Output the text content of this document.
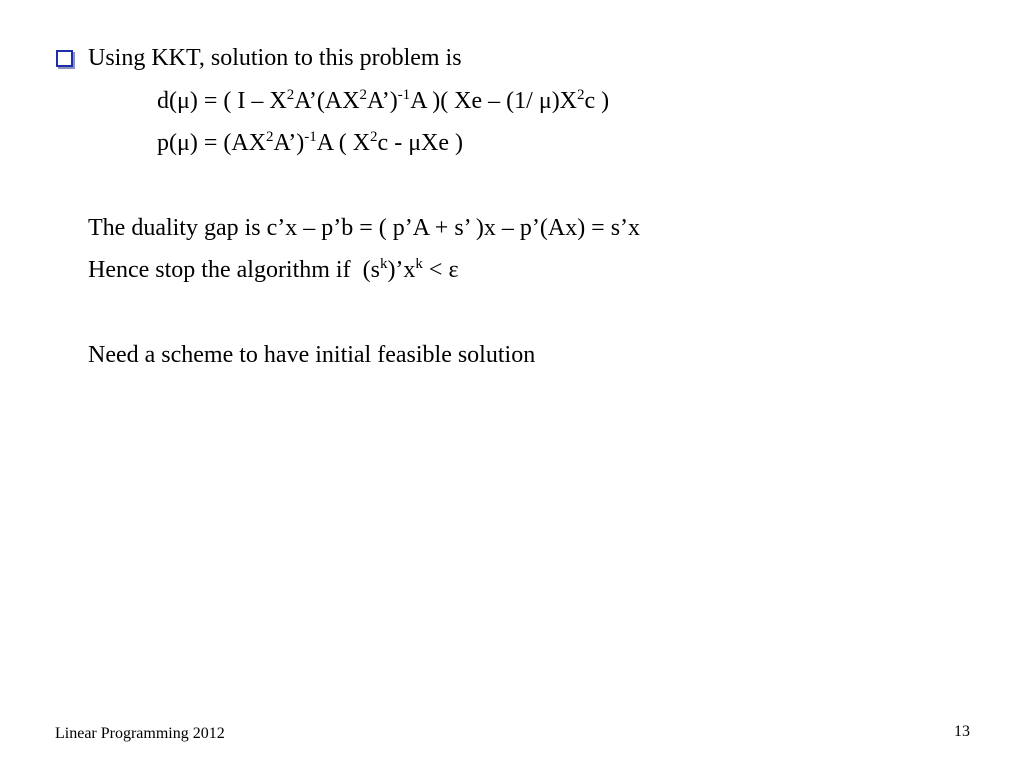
Using KKT, solution to this problem is
d(μ) = ( I – $X^2A’(AX^2A’)^{-1}A$ )( Xe – (1/ $\mu)X^2c$ )
$p(\mu) = (AX^2A’)^{-1}A$ ( $X^2c$ - μXe )
The duality gap is c’x – p’b = ( p’A + s’ )x – p’(Ax) = s’x
Hence stop the algorithm if  $(s^k)’x^k < \varepsilon$
Need a scheme to have initial feasible solution
Linear Programming 2012	13
